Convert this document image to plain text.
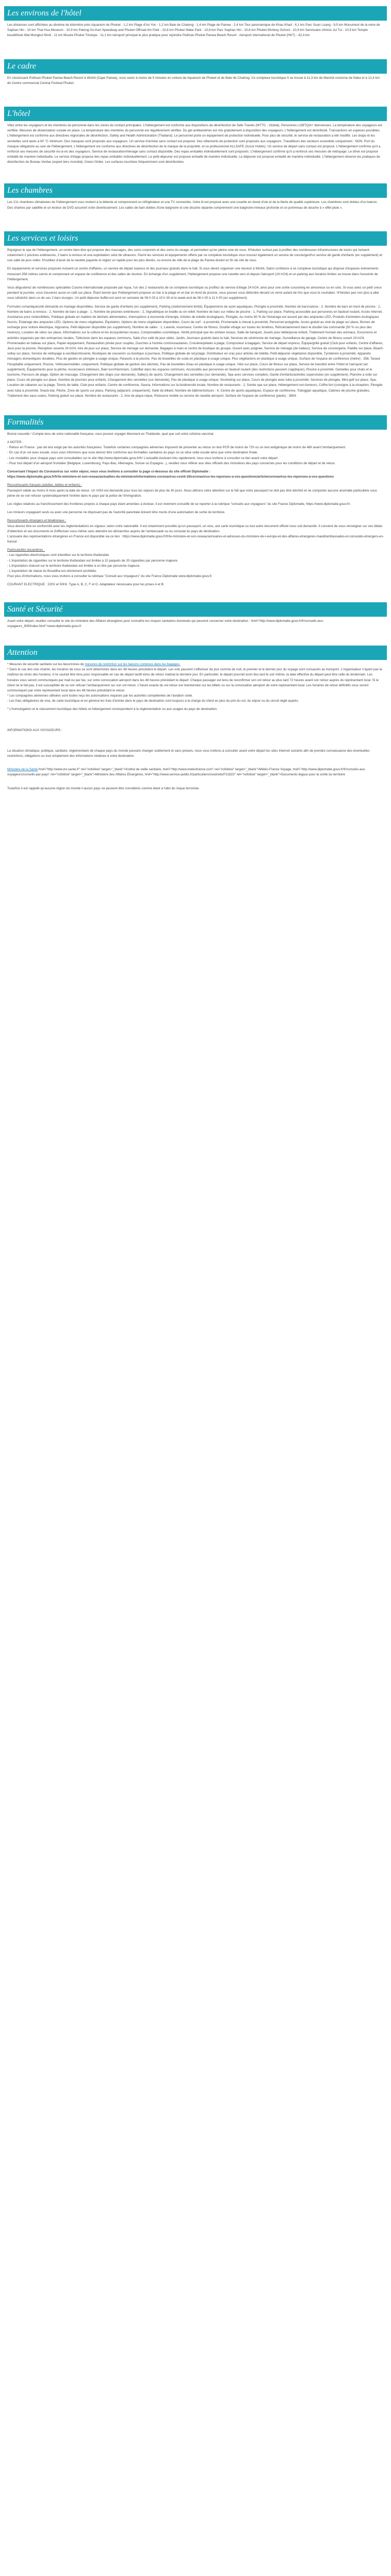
Les environs de l'hôtel

Les distances sont affichées au dixième de kilomètre près Aquarium de Phuket - 1,2 km Plage d'Ao Yon - 1,2 km Baie de Chalong - 1,4 km Plage de Panwa - 2,4 km Tour panoramique de Khao Khad - 6,1 km Parc Suan Luang - 9,5 km Monument de la reine de Saphan Hin - 10 km Thai Hua Museum - 10,9 km Patong Go-Kart Speedway and Phuket Offroad Atv Park - 10,8 km Phuket Wake Park - 10,8 km Parc Saphan Hin - 10,8 km Phuket Monkey School - 10,9 km Sanctuaire chinois Jui Tui - 10,9 km Temple bouddhiste Wat Mongkol Nimit - 11 km Musée Phuket Trickeye - 11,1 km Aéroport principal le plus pratique pour rejoindre Pullman Phuket Panwa Beach Resort : Aéroport international de Phuket (HKT) - 42,4 km

Le cadre

En choisissant Pullman Phuket Panwa Beach Resort à Wichit (Cape Panwa), vous serez à moins de 5 minutes en voiture de Aquarium de Phuket et de Baie de Chalong. Ce complexe touristique 5 se trouve à 11,3 km de Marché nocturne de Naka et à 12,4 km de Centre commercial Central Festival Phuket.

L'hôtel

Vitez entre les voyageurs et les membres du personnel dans les zones de contact principales. L'hébergement est conforme aux dispositions de désinfection de Safe Travels (WTTC - Global), Personnes LGBTQIA+ bienvenues. La température des voyageurs est vérifiée. Mesures de distanciation sociale en place. La température des membres du personnel est régulièrement vérifiée. Du gel antibactérien est mis gratuitement à disposition des voyageurs. L'hébergement est désinfecté. Transactions en espèces possibles. L'hébergement est conforme aux directives régionales de désinfection, Safety and Health Administration (Thailand). Le personnel porte un équipement de protection individuelle. Pour plus de sécurité, le service de restauration a été modifié. Les draps et les serviettes sont lavés à 60 °C minimum. Des masques sont proposés aux voyageurs. Un service d'arrivée sans contact est proposé. Des vêtements de protection sont proposés aux voyageurs. Travailleurs des secteurs essentiels uniquement : NON. Port du masque obligatoire au sein de l'hébergement. L'hébergement est conforme aux directives de désinfection de la marque de la propriété, et ce professionnel ALLSAFE (Accor Hotels). Un service de départ sans contact est proposé. L'hébergement confirme qu'il a renforcé ses mesures de sécurité vis-à-vis des voyageurs. Service de restauration/ménage sans contact disponible. Des repas emballés individuellement sont proposés. L'hébergement confirme qu'il a renforcé ses mesures de nettoyage. Le dîner est proposé emballé de manière individuelle. Le service d'étage propose des repas emballés individuellement. Le petit-déjeuner est proposé emballé de manière individuelle. Le déjeuner est proposé emballé de manière individuelle. L'hébergement observe les pratiques de désinfection du Bureau Veritas (expert tiers mondial), Green Globe. Les surfaces touchées fréquemment sont désinfectées.

Les chambres

Les 211 chambres climatisées de l'hébergement vous invitent à la détente et comprennent un réfrigérateur et une TV connectée. Votre lit est proposé avec une couette en duvet d'oie et de la literie de qualité supérieure. Les chambres sont dotées d'un balcon. Des chaînes par satellite et un lecteur de DVD assurent votre divertissement. Les salles de bain dotées d'une baignoire et une douche séparée comprennent une baignoire-niveaux profonde et un pommeau de douche à « effet pluie ».

Les services et loisirs

Rejoignez le spa de l'hébergement, un centre bien-être qui propose des massages, des soins corporels et des soins du visage, et permettez qu'en pleine voie de vous. N'hésitez surtout pas à profiter des nombreuses infrastructures de loisirs qui incluent notamment 2 piscines extérieures, 2 bains à remous et une exploitation celui de ultrasons. Parmi les services et équipements offerts par ce complexe touristique vous trouvez également un service de concierge/d'un service de garde d'enfants (en supplément) et une salle de jeux vidéo. N'oubliez d'avoir de la navette payante et réglez un rapide pour les plus élevés, ou encore de ville de la plage de Panwa durant en fin de cité de vous.

En équipements et services proposés incluent un centre d'affaires, un service de départ express et des journaux gratuits dans le hall. Si vous devez organiser une réunion à Wichit, Salon confiance à ce complexe touristique qui dispose d'espaces évènements mesurant 358 mètres carrés et comprenant un espace de conférence et des salles de réunion. En échange d'un supplément, l'hébergement propose une navette vers et depuis l'aéroport (24 h/24) et un parking aux horaires limites se trouve dans l'enceinte de l'hébergement.

Vous dégusterez de nombreuses spécialités Cuisine internationale proposée par Aqua, l'un des 2 restaurants de ce complexe touristique ou profitez du service d'étage 24 h/24, ainsi pour une sortie cocooning en amoureux ou en solo. Si vous avez un petit creux pendant la journée, vous trouverez aussi un café sur place. Étant donné que l'hébergement propose un bar à la plage et un bar en bord de piscine, vous pouvez vous détendre devant un verre autant de fois que vous le souhaitez. N'hésitez pas non plus à aller vous rafraîchir dans un de ses 2 bars lounges. Un petit déjeuner buffet est servi en semaine de 06 h 00 à 10 h 30 et le week-end de 06 h 00 à 11 h 00 (en supplément).

Formules romantiques/de demande en mariage disponibles, Service de garde d'enfants (en supplément), Parking (stationnement limité). Équipements de sport aquatiques, Plongée à proximité, Nombre de bars/salons : 2, Nombre de bars en bord de piscine : 1, Nombre de bains à remous : 2, Nombre de bars à plage : 1, Nombre de piscines extérieures : 2, Signalétique en braille ou en relief, Nombre de bars sur milieu de piscine : 1, Parking sur place, Parking accessible aux personnes en fauteuil roulant, Accès Internet. Assistance pour visites/billets, Publique globale en matière de déchets alimentaires, Interruptions à économie d'énergie, Articles de toilette écologiques, Plongée, Au moins 80 % de l'éclairage est assuré par des ampoules LED, Produits d'entretien écologiques fournis, Éclairage des ampoules LED, Options de menu végétarien, Équitation, Options de menu végétarien disponibles, Cours de surf - à proximité, Promenade à cheval à proximité, Personnel polyglotte, Accès gratuit au club de plage sur place, Bornes de recharge pour voiture électrique, Algorama, Petit-déjeuner disponible (en supplément), Nombre de salles : 1, Laverie, Ascenseur, Centre de fitness, Double vitrage sur toutes les fenêtres, Rétroéclairement dans le doublé Isla commandé (50 % ou plus des revenus), Location de vélos sur place, Informations sur la culture et les écosystèmes locaux, Compostables cosmétique, Vérité principal que les artistes locaux, Salle de banquet, Jouets pour bébé/jeune enfant, Traitement humain des animaux, Excursions et activités organisés par des entreprises locales, Télévision dans les espaces communs, Salle d'un café de jeux vidéo, Jardin, Journaux gratuits dans le hall, Services de cérémonie de mariage, Surveillance de garage, Centre de fitness ouvert 24 h/24, Promenades en bateau sur place, Papier-équipement, Restauration privée pour couples, Douches à l'entrée communautaires, Croisière/pédalo à plage, Composteur à bagages, Service de départ express, Équipe/grillé gratuit (Club pour enfants, Centre d'affaires, Jeux pour la piscine, Réception ouverte 24 h/24, Aire de jeux sur place, Service de ménage sur demande, Bagages à main et centre de boutique du groupe, Ouvert avec poignée, Service de ménage (de traiteur), Service de conciergerie, Paddle sur place, Beach-volley sur place, Service de nettoyage à sec/blanchisserie, Boutiques de souvenirs ou boutique à journaux, Politique globale de recyclage, Distributeur en vrac pour articles de toilette, Petit-déjeuner végétarien disponible, Tyrolienne à proximité, Appareils ménagers domestiques durables, Plus de gardes en plongée à usage unique, Parasols à la piscine, Pas de bouteilles de soda en plastique à usage unique, Plus végétariens en plastique à usage unique, Surface de l'espace de conférence (mètre) : 358, Tarasé l'hospitalité uniquement, Piscine, Véhicule/mobilier, uniquement, Politique globale de gestion des déchets, Pas de bouteilles d'eau en plastique à usage unique, Vélo sur place, Cours de fitness sur place, Service de transfert entre l'hôtel et l'aéroport (en supplément), Équipements pour la pêche, Ascenseurs intérieurs, Bain turc/Hammam, Café/Bar dans les espaces communs, Accessible aux personnes en fauteuil roulant (des restrictions peuvent s'appliquer), Piscine à proximité, Gamelles pour chats et le tourisme, Parcours de plage, Option de massage, Changement des draps (sur demande), Salle(s) de sports, Changement des serviettes (sur demande), Spa avec services complets, Garde d'enfants/activités supervisées (en supplément), Planche à voile sur place, Cours de plongée sur place, Nombre de piscines pour enfants, Changement des serviettes (sur demande), Pas de plastique à usage unique, Snorkeling sur place, Cours de plongée avec tuba à proximité, Services de plongée, Mini-golf sur place, Spa, Location de cabanes sur la plage, Tennis de table, Club pour enfants, Centre de conférence, Sauna, Informations sur la biodiversité locale, Nombre de restaurants : 2, Soirée spa sur place, Hébergement non-fumeurs, Coffre-fort (consigne à la réception, Plongée avec tuba à proximité, Snack-bar, Pêche, Zone de sports sur place, Parking (adjacent, uniquement), Salle de billard, Nombre de bâtiments/tours : 4, Centre de sports aquatiques, Espace de conférence, Toboggan aquatique, Cabines de piscine gratuites, Traitement des eaux usées, Parking gratuit sur place, Nombre de restaurants : 2, Aire de pique-nique, Ristourne mobile ou service de navette aéroport, Surface de l'espace de conférence (pieds) : 3854.

Formalités

Bonne nouvelle ! Compte tenu de votre nationalité française, vous pouvez voyager librement en Thaïlande, quel que soit votre schéma vaccinal.

A NOTER :

- Retour en France : pas de test exigé par les autorités françaises. Toutefois certaines compagnies aériennes imposent de présenter au retour un test PCR de moins de 72h ou un test antigénique de moins de 48h avant l'embarquement.
- En cas d'un vol avec escale, nous vous informons que vous devrez être conforme aux formalités sanitaires du pays où se situe cette escale ainsi que votre destination finale.
- Les modalités pour chaque pays sont consultables sur le site http://www.diplomatie.gouv.fr/fr/ L'actualité évoluant très rapidement, nous vous invitons à consulter ce lien avant votre départ.
- Pour tout départ d'un aéroport frontalier (Belgique, Luxembourg, Pays-Bas, Allemagne, Suisse ou Espagne...), veuillez vous référer aux sites officiels des ministères des pays concernés pour les conditions de départ et de retour.

Concernant l'impact du Coronavirus sur votre séjour, nous vous invitons à consulter la page ci-dessous du site officiel Diplomatie :

https://www.diplomatie.gouv.fr/fr/le-ministere-et-son-reseau/actualites-du-ministere/informations-coronavirus-covid-19/coronavirus-les-reponses-a-vos-questions/article/coronavirus-les-reponses-a-vos-questions

Ressortissants français (adultes, bébés et enfants) :

Passeport valide au moins 6 mois après la date de retour. Un VISA est demandé pour tous les séjours de plus de 30 jours. Nous attirons votre attention sur le fait que votre passeport ne doit pas être déchiré et ne comporter aucune anomalie particulière sous peine de se voir refuser systématiquement l'entrée dans le pays par la police de l'immigration.

Les règles relatives au franchissement des frontières propres à chaque pays étant amenées à évoluer, il est vivement conseillé de se reporter à la rubrique "conseils aux voyageurs" du site France Diplomatie, https://www.diplomatie.gouv.fr/.

Les mineurs voyageant seuls ou avec une personne ne disposant pas de l'autorité parentale doivent être munis d'une autorisation de sortie du territoire.

Ressortissants étrangers et binationaux :

Vous devrez être en conformité avec les réglementations en vigueur, selon votre nationalité. Il est notamment possible qu'un passeport, un visa, une carte touristique ou tout autre document officiel vous soit demandé. Il convient de vous renseigner sur ses délais d'obtention et ses documents et d'effectuer vous-même sans attendre les démarches auprès de l'ambassade ou du consulat du pays de destination.
L'annuaire des représentations étrangères en France est disponible via ce lien : https://www.diplomatie.gouv.fr/fr/le-ministere-et-son-reseau/annuaires-et-adresses-du-ministere-de-l-europe-et-des-affaires-etrangeres-maedi/ambassades-et-consulats-etrangers-en-france/

Particularités douanières :

- Les cigarettes électroniques sont interdites sur le territoire thaïlandais
- L'importation de cigarettes sur le territoire thaïlandais est limitée à 10 paquets de 20 cigarettes par personne majeure.
- L'importation d'alcool sur le territoire thaïlandais est limitée à un litre par personne majeure.
- L'exportation de statue du Bouddha est strictement prohibée.
Pour plus d'informations, nous vous invitons à consulter la rubrique "Conseil aux Voyageurs" du site France Diplomatie www.diplomatie.gouv.fr

COURANT ELECTRIQUE : 220V et 50Hz. Type A, B, C, F et O. Adaptateur nécessaire pour les prises A et B.

Santé et Sécurité

Avant votre départ, veuillez consulter le site du ministère des Affaires étrangères pour connaître les risques sanitaires éventuels qui peuvent concerner votre destination : href="http://www.diplomatie.gouv.fr/fr/conseils-aux-voyageurs_909/index.html">www.diplomatie.gouv.fr

Attention

* Mesures de sécurité sanitaire sur les lieux/zones de mesures de restriction sur les liaisons contenus dans les bagages.

* Dans le cas des vols charter, les horaires de vous se sont déterminés dans les 48 heures précédent le départ. Les vols peuvent s'effectuer de jour comme de nuit, le premier et le dernier jour du voyage sont consacrés au transport. L'organisateur n'ayant pas la maîtrise du choix des horaires, il ne saurait être tenu pour responsable en cas de départ tardif et/ou de retour matinal la dernière jour. En particulier, le départ pourrait avoir lieu tard le soir même, la date effective du départ peut être celle du lendemain. Les horaires vous seront communiqués par mail ou par fax, sur votre convocation aéroport dans les 48 heures précédant le départ. Chaque passager est tenu de reconfirmer son vol retour au plus tard 72 heures avant son retour auprès du représentant local. Si le client ne le fait pas, il est susceptible de se voir refuser l'embarquement sur son vol retour. L'heure exacte du vol retour est mentionnée sur les billets ou sur la convocation aéroport de votre représentant local. Les horaires de retour définitifs vous seront communiqués par votre représentant local dans les 48 heures précédant le retour.
* Les compagnies aériennes utilisées sont toutes reçu les autorisations requises par les autorités compétentes de l'aviation civile.
- Les frais obligatoires de visa, de carte touristique et en général les frais d'entrée dans le pays de destination sont toujours à la charge du client en plus du prix du vol, du séjour ou du circuit réglé auprès.

* L'homologation et le classement touristique des hôtels et hébergement correspondent à la réglementation ou aux usages du pays de destination.

INFORMATIONS AUX VOYAGEURS :

La situation climatique, politique, sanitaire, réglementaire de chaque pays du monde pouvant changer subitement et sans préavis, nous vous invitons à consulter avant votre départ les sites Internet suivants afin de prendre connaissance des éventuelles restrictions, obligations ou tout simplement des informations relatives à votre destination.

Ministère de la Santé href="http://www.inv.sante.fr" rel="nofollow" target="_blank">Institut de veille sanitaire, href="http://www.meteofrance.com" rel="nofollow" target="_blank">Météo-France Voyage, href="http://www.diplomatie.gouv.fr/fr/conseils-aux-voyageurs/conseils-par-pays" rel="nofollow" target="_blank">Ministère des Affaires Étrangères, href="http://www.service-public.fr/particuliers/vosdroits/F21823" rel="nofollow" target="_blank">Documents légaux pour la sortie du territoire

Toutefois il est rappelé qu'aucune région du monde n'aucun pays ne peuvent être considérés comme étant à l'abri du risque terroriste.
